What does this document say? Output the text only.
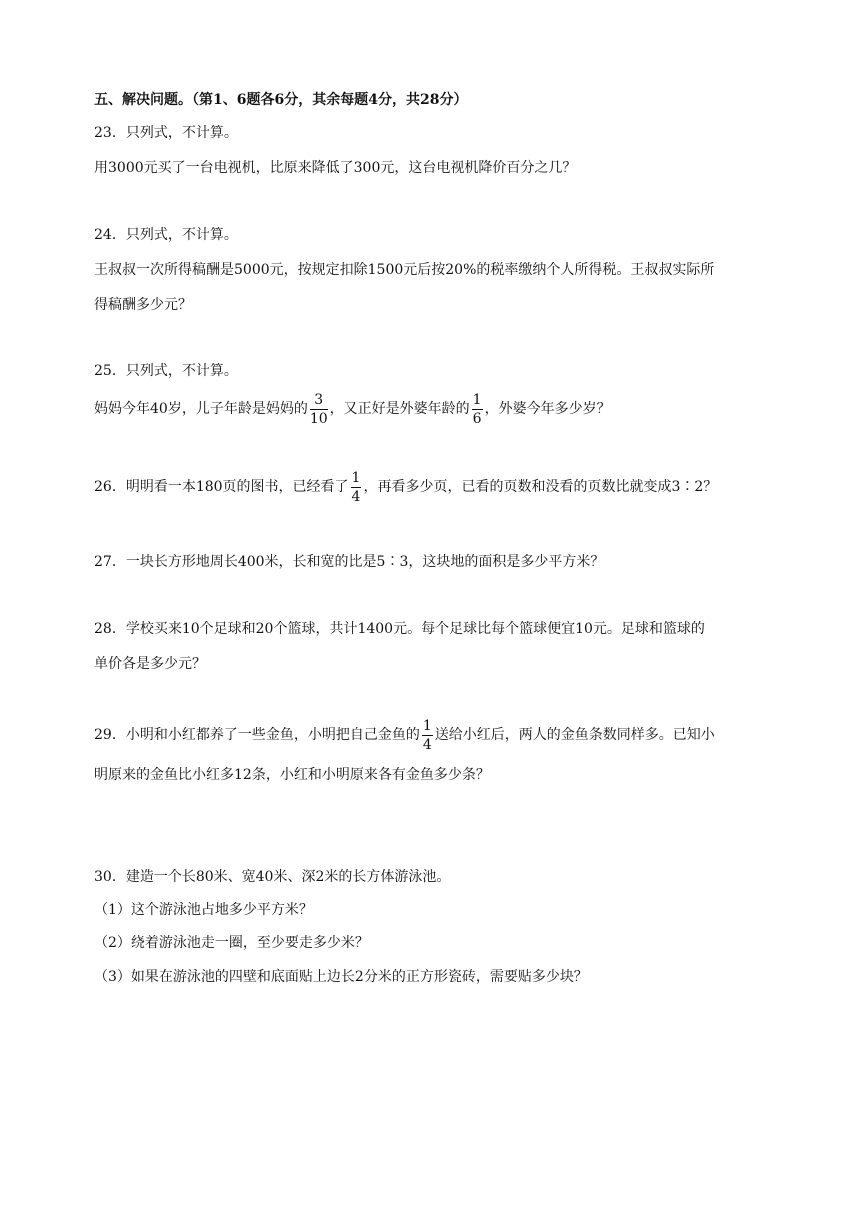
五、解决问题。（第1、6题各6分，其余每题4分，共28分）
23．只列式，不计算。
用3000元买了一台电视机，比原来降低了300元，这台电视机降价百分之几？
24．只列式，不计算。
王叔叔一次所得稿酬是5000元，按规定扣除1500元后按20%的税率缴纳个人所得税。王叔叔实际所
得稿酬多少元？
25．只列式，不计算。
妈妈今年40岁，儿子年龄是妈妈的 $\frac{3}{10}$ ，又正好是外婆年龄的 $\frac{1}{6}$ ，外婆今年多少岁？
26．明明看一本180页的图书，已经看了 $\frac{1}{4}$ ，再看多少页，已看的页数和没看的页数比就变成3∶2？
27．一块长方形地周长400米，长和宽的比是5∶3，这块地的面积是多少平方米？
28．学校买来10个足球和20个篮球，共计1400元。每个足球比每个篮球便宜10元。足球和篮球的
单价各是多少元？
29．小明和小红都养了一些金鱼，小明把自己金鱼的 $\frac{1}{4}$ 送给小红后，两人的金鱼条数同样多。已知小
明原来的金鱼比小红多12条，小红和小明原来各有金鱼多少条？
30．建造一个长80米、宽40米、深2米的长方体游泳池。
（1）这个游泳池占地多少平方米？
（2）绕着游泳池走一圈，至少要走多少米？
（3）如果在游泳池的四壁和底面贴上边长2分米的正方形瓷砖，需要贴多少块？
